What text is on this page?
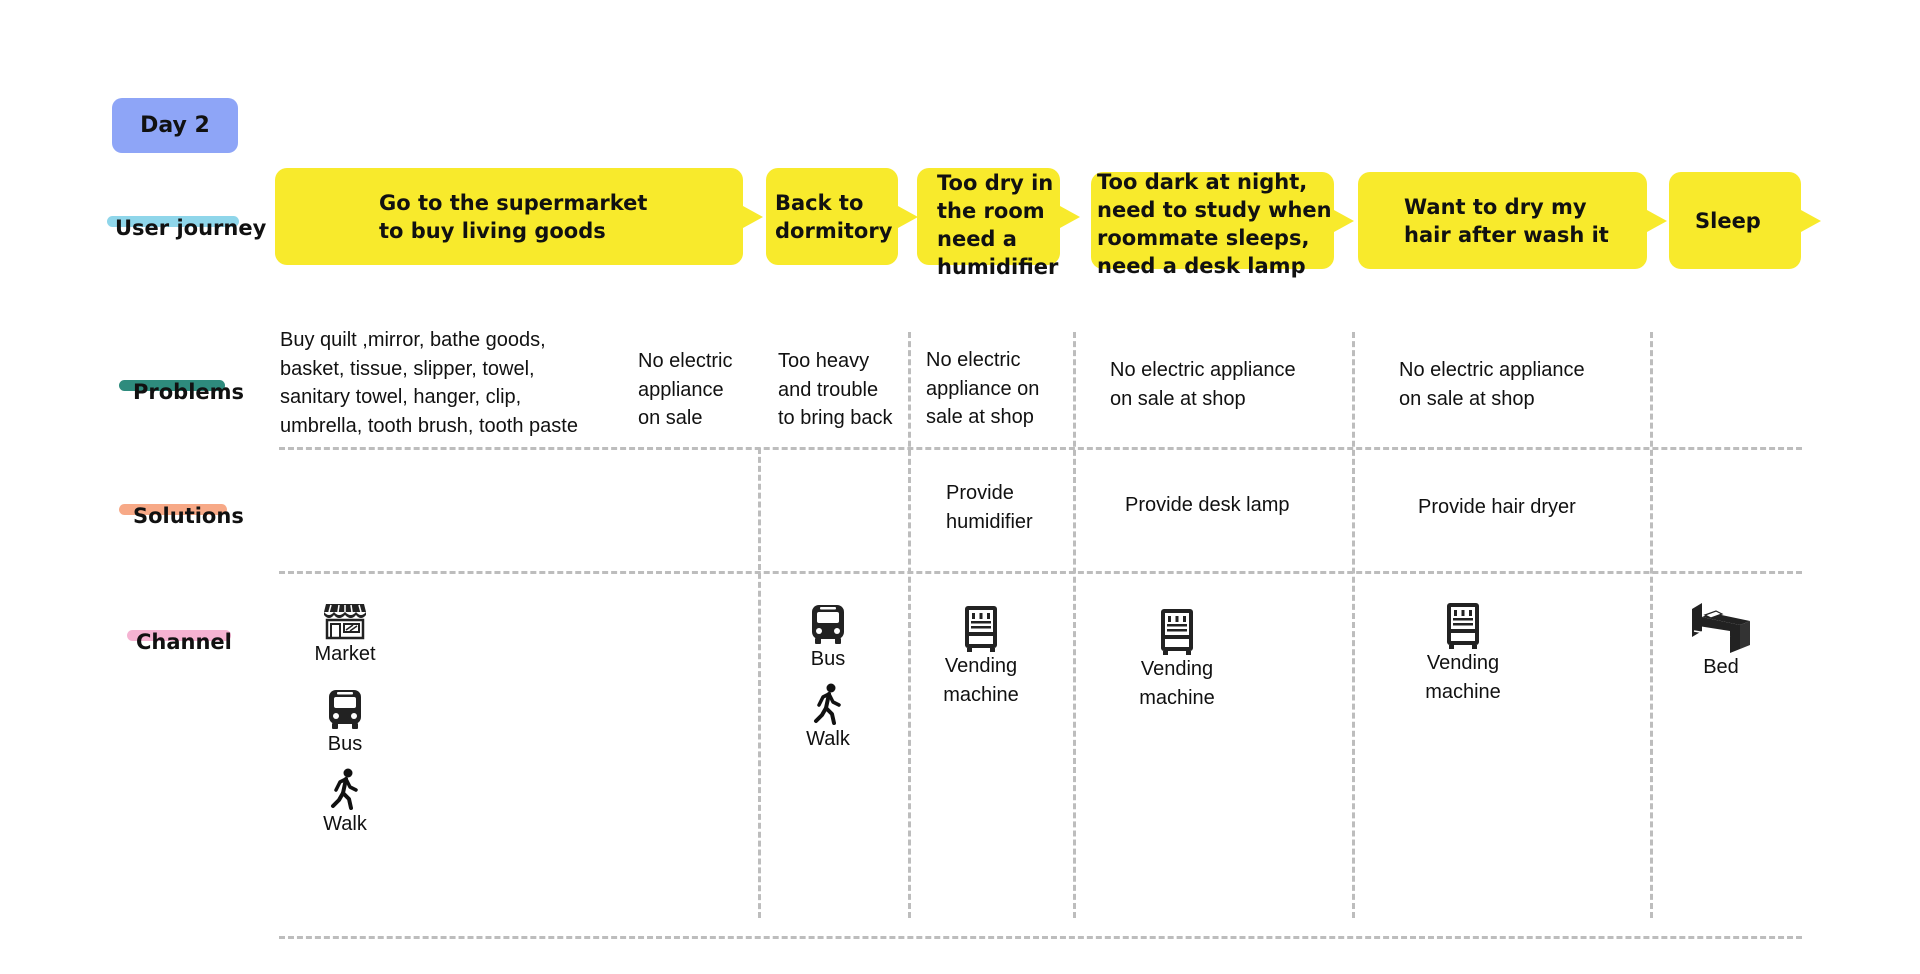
Day 2
User journey
Problems
Solutions
Channel
Go to the supermarket
to buy living goods
Back to
dormitory
Too dry in
the room
need a
humidifier
Too dark at night,
need to study when
roommate sleeps,
need a desk lamp
Want to dry my
hair after wash it
Sleep
Buy quilt ,mirror, bathe goods,
basket, tissue, slipper, towel,
sanitary towel, hanger, clip,
umbrella, tooth brush, tooth paste
No electric
appliance
on sale
Too heavy
and trouble
to bring back
No electric
appliance on
sale at shop
No electric appliance
on sale at shop
No electric appliance
on sale at shop
Provide
humidifier
Provide desk lamp	Provide hair dryer
Market
Bus
Walk
Bus
Walk
Vending
machine
Vending
machine
Vending
machine
Bed
